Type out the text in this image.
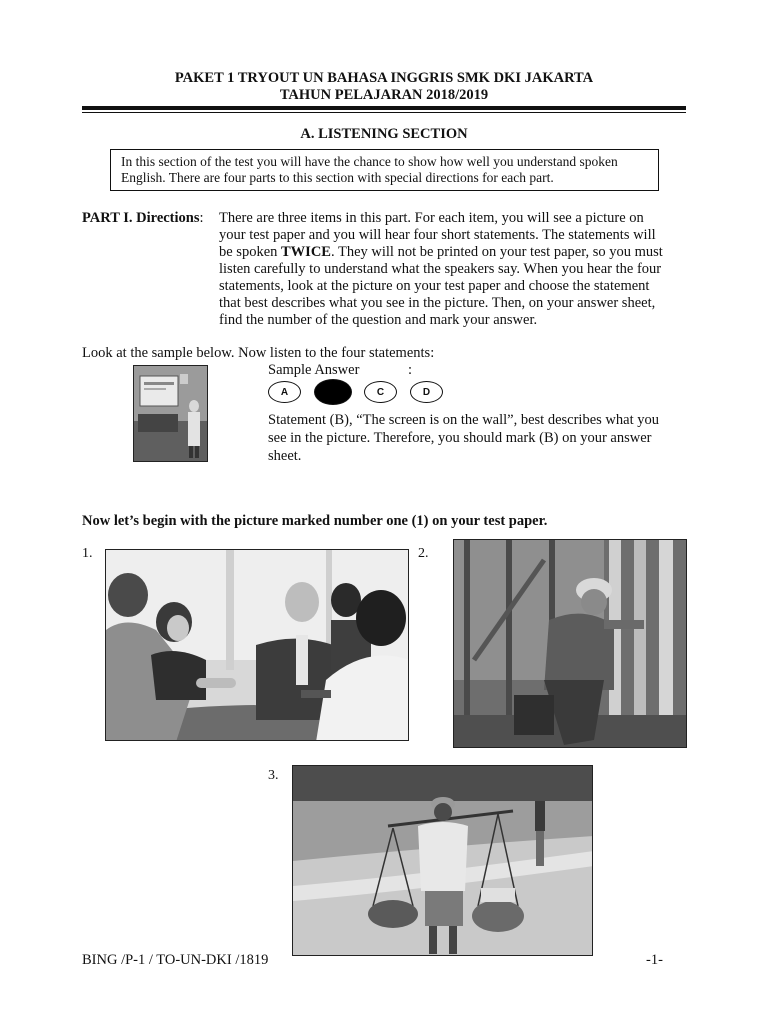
PAKET 1 TRYOUT UN BAHASA INGGRIS SMK DKI JAKARTA
TAHUN PELAJARAN 2018/2019
A. LISTENING SECTION
In this section of the test you will have the chance to show how well you understand spoken
English. There are four parts to this section with special directions for each part.
PART I. Directions: There are three items in this part. For each item, you will see a picture on
your test paper and you will hear four short statements. The statements will
be spoken TWICE. They will not be printed on your test paper, so you must
listen carefully to understand what the speakers say. When you hear the four
statements, look at the picture on your test paper and choose the statement
that best describes what you see in the picture. Then, on your answer sheet,
find the number of the question and mark your answer.
Look at the sample below. Now listen to the four statements:
Sample Answer	:
A	C	D
Statement (B), “The screen is on the wall”, best describes what you
see in the picture. Therefore, you should mark (B) on your answer
sheet.
Now let’s begin with the picture marked number one (1) on your test paper.
1.	2.
3.
BING /P-1 / TO-UN-DKI /1819	-1-
